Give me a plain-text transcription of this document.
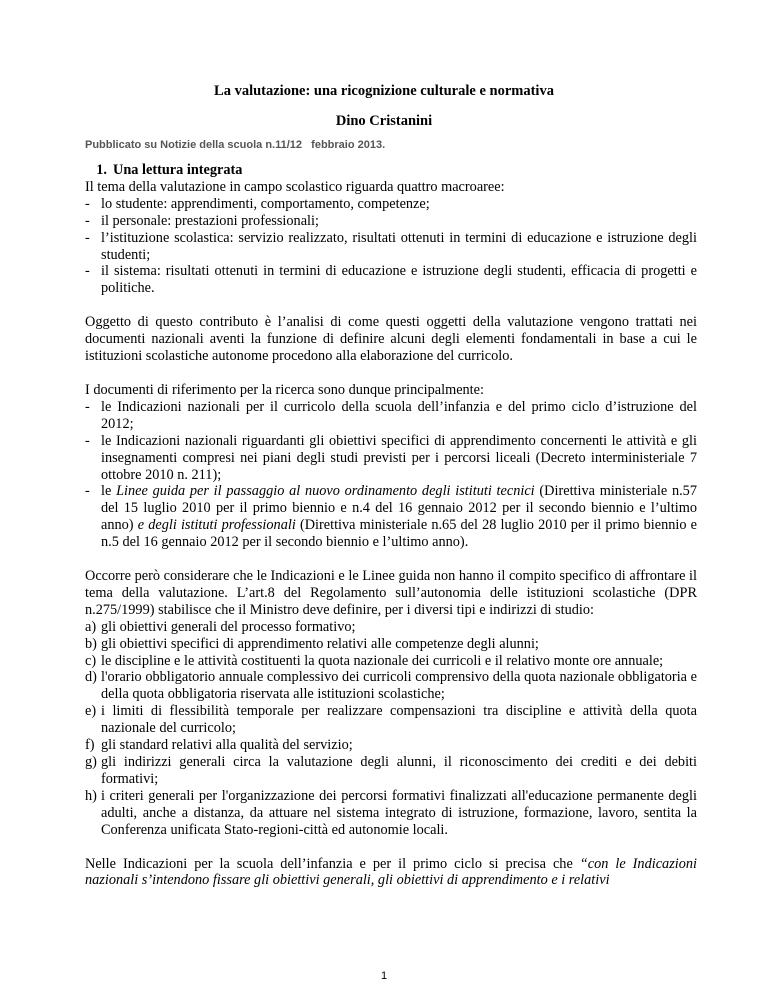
La valutazione: una ricognizione culturale e normativa
Dino Cristanini
Pubblicato su Notizie della scuola n.11/12   febbraio 2013.
1. Una lettura integrata

Il tema della valutazione in campo scolastico riguarda quattro macroaree:

- lo studente: apprendimenti, comportamento, competenze;
- il personale: prestazioni professionali;
- l’istituzione scolastica: servizio realizzato, risultati ottenuti in termini di educazione e istruzione degli studenti;
- il sistema: risultati ottenuti in termini di educazione e istruzione degli studenti, efficacia di progetti e politiche.

Oggetto di questo contributo è l’analisi di come questi oggetti della valutazione vengono trattati nei documenti nazionali aventi la funzione di definire alcuni degli elementi fondamentali in base a cui le istituzioni scolastiche autonome procedono alla elaborazione del curricolo.

I documenti di riferimento per la ricerca sono dunque principalmente:

- le Indicazioni nazionali per il curricolo della scuola dell’infanzia e del primo ciclo d’istruzione del 2012;
- le Indicazioni nazionali riguardanti gli obiettivi specifici di apprendimento concernenti le attività e gli insegnamenti compresi nei piani degli studi previsti per i percorsi liceali (Decreto interministeriale 7 ottobre 2010 n. 211);
- le Linee guida per il passaggio al nuovo ordinamento degli istituti tecnici (Direttiva ministeriale n.57 del 15 luglio 2010 per il primo biennio e n.4 del 16 gennaio 2012 per il secondo biennio e l’ultimo anno) e degli istituti professionali (Direttiva ministeriale n.65 del 28 luglio 2010 per il primo biennio e n.5 del 16 gennaio 2012 per il secondo biennio e l’ultimo anno).

Occorre però considerare che le Indicazioni e le Linee guida non hanno il compito specifico di affrontare il tema della valutazione. L’art.8 del Regolamento sull’autonomia delle istituzioni scolastiche (DPR n.275/1999) stabilisce che il Ministro deve definire, per i diversi tipi e indirizzi di studio:

a) gli obiettivi generali del processo formativo;
b) gli obiettivi specifici di apprendimento relativi alle competenze degli alunni;
c) le discipline e le attività costituenti la quota nazionale dei curricoli e il relativo monte ore annuale;
d) l'orario obbligatorio annuale complessivo dei curricoli comprensivo della quota nazionale obbligatoria e della quota obbligatoria riservata alle istituzioni scolastiche;
e) i limiti di flessibilità temporale per realizzare compensazioni tra discipline e attività della quota nazionale del curricolo;
f) gli standard relativi alla qualità del servizio;
g) gli indirizzi generali circa la valutazione degli alunni, il riconoscimento dei crediti e dei debiti formativi;
h) i criteri generali per l'organizzazione dei percorsi formativi finalizzati all'educazione permanente degli adulti, anche a distanza, da attuare nel sistema integrato di istruzione, formazione, lavoro, sentita la Conferenza unificata Stato-regioni-città ed autonomie locali.

Nelle Indicazioni per la scuola dell’infanzia e per il primo ciclo si precisa che “con le Indicazioni nazionali s’intendono fissare gli obiettivi generali, gli obiettivi di apprendimento e i relativi

1
